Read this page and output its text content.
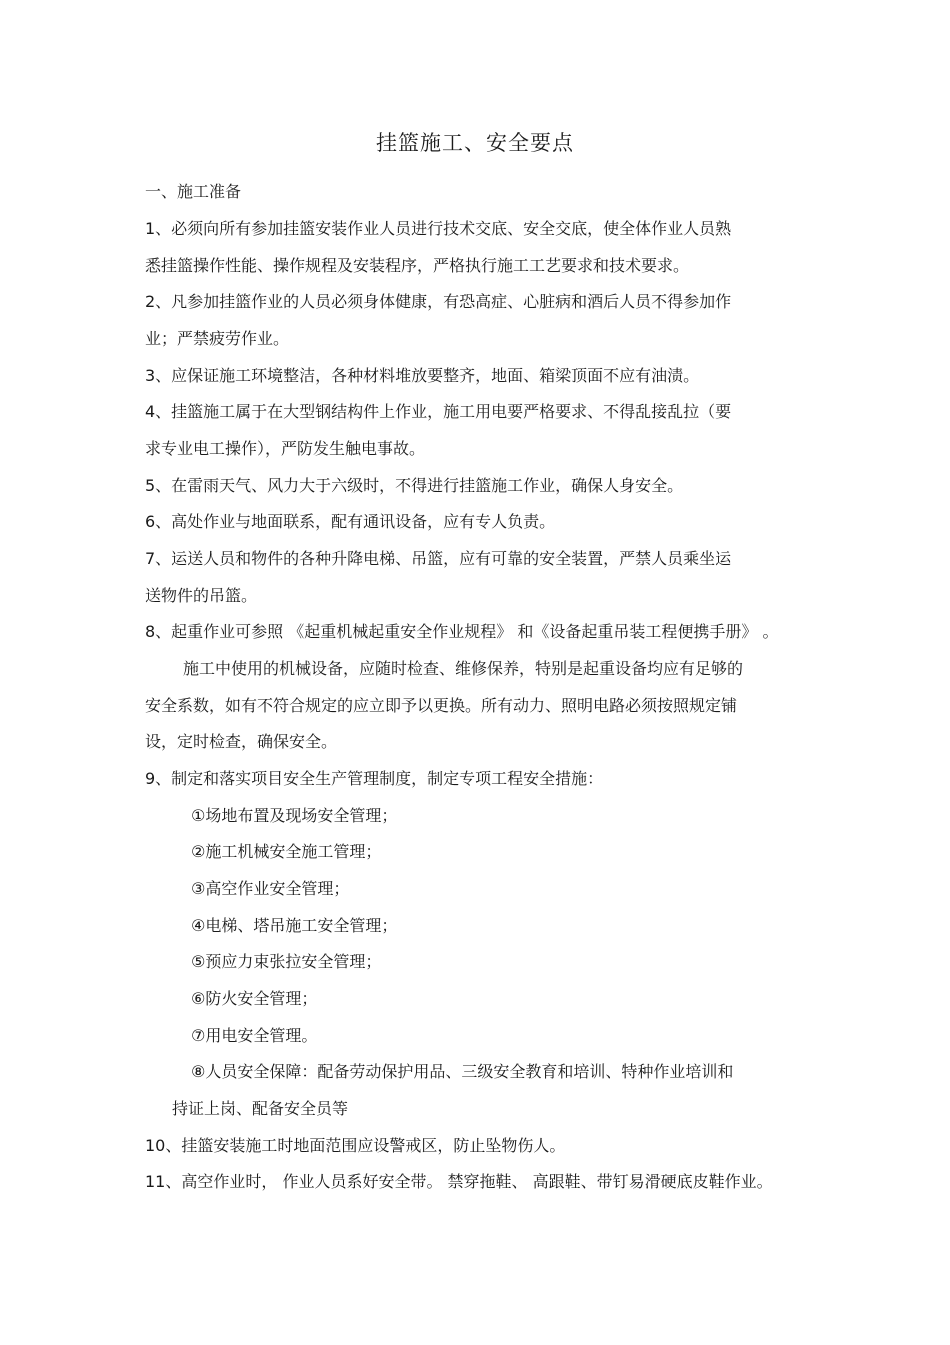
挂篮施工、安全要点
一、施工准备
1、必须向所有参加挂篮安装作业人员进行技术交底、安全交底，使全体作业人员熟
悉挂篮操作性能、操作规程及安装程序，严格执行施工工艺要求和技术要求。
2、凡参加挂篮作业的人员必须身体健康，有恐高症、心脏病和酒后人员不得参加作
业；严禁疲劳作业。
3、应保证施工环境整洁，各种材料堆放要整齐，地面、箱梁顶面不应有油渍。
4、挂篮施工属于在大型钢结构件上作业，施工用电要严格要求、不得乱接乱拉（要
求专业电工操作），严防发生触电事故。
5、在雷雨天气、风力大于六级时，不得进行挂篮施工作业，确保人身安全。
6、高处作业与地面联系，配有通讯设备，应有专人负责。
7、运送人员和物件的各种升降电梯、吊篮，应有可靠的安全装置，严禁人员乘坐运
送物件的吊篮。
8、起重作业可参照 《起重机械起重安全作业规程》 和《设备起重吊装工程便携手册》 。
施工中使用的机械设备，应随时检查、维修保养，特别是起重设备均应有足够的
安全系数，如有不符合规定的应立即予以更换。所有动力、照明电路必须按照规定铺
设，定时检查，确保安全。
9、制定和落实项目安全生产管理制度，制定专项工程安全措施：
①场地布置及现场安全管理；
②施工机械安全施工管理；
③高空作业安全管理；
④电梯、塔吊施工安全管理；
⑤预应力束张拉安全管理；
⑥防火安全管理；
⑦用电安全管理。
⑧人员安全保障：配备劳动保护用品、三级安全教育和培训、特种作业培训和
持证上岗、配备安全员等
10、挂篮安装施工时地面范围应设警戒区，防止坠物伤人。
11、高空作业时， 作业人员系好安全带。 禁穿拖鞋、 高跟鞋、带钉易滑硬底皮鞋作业。
